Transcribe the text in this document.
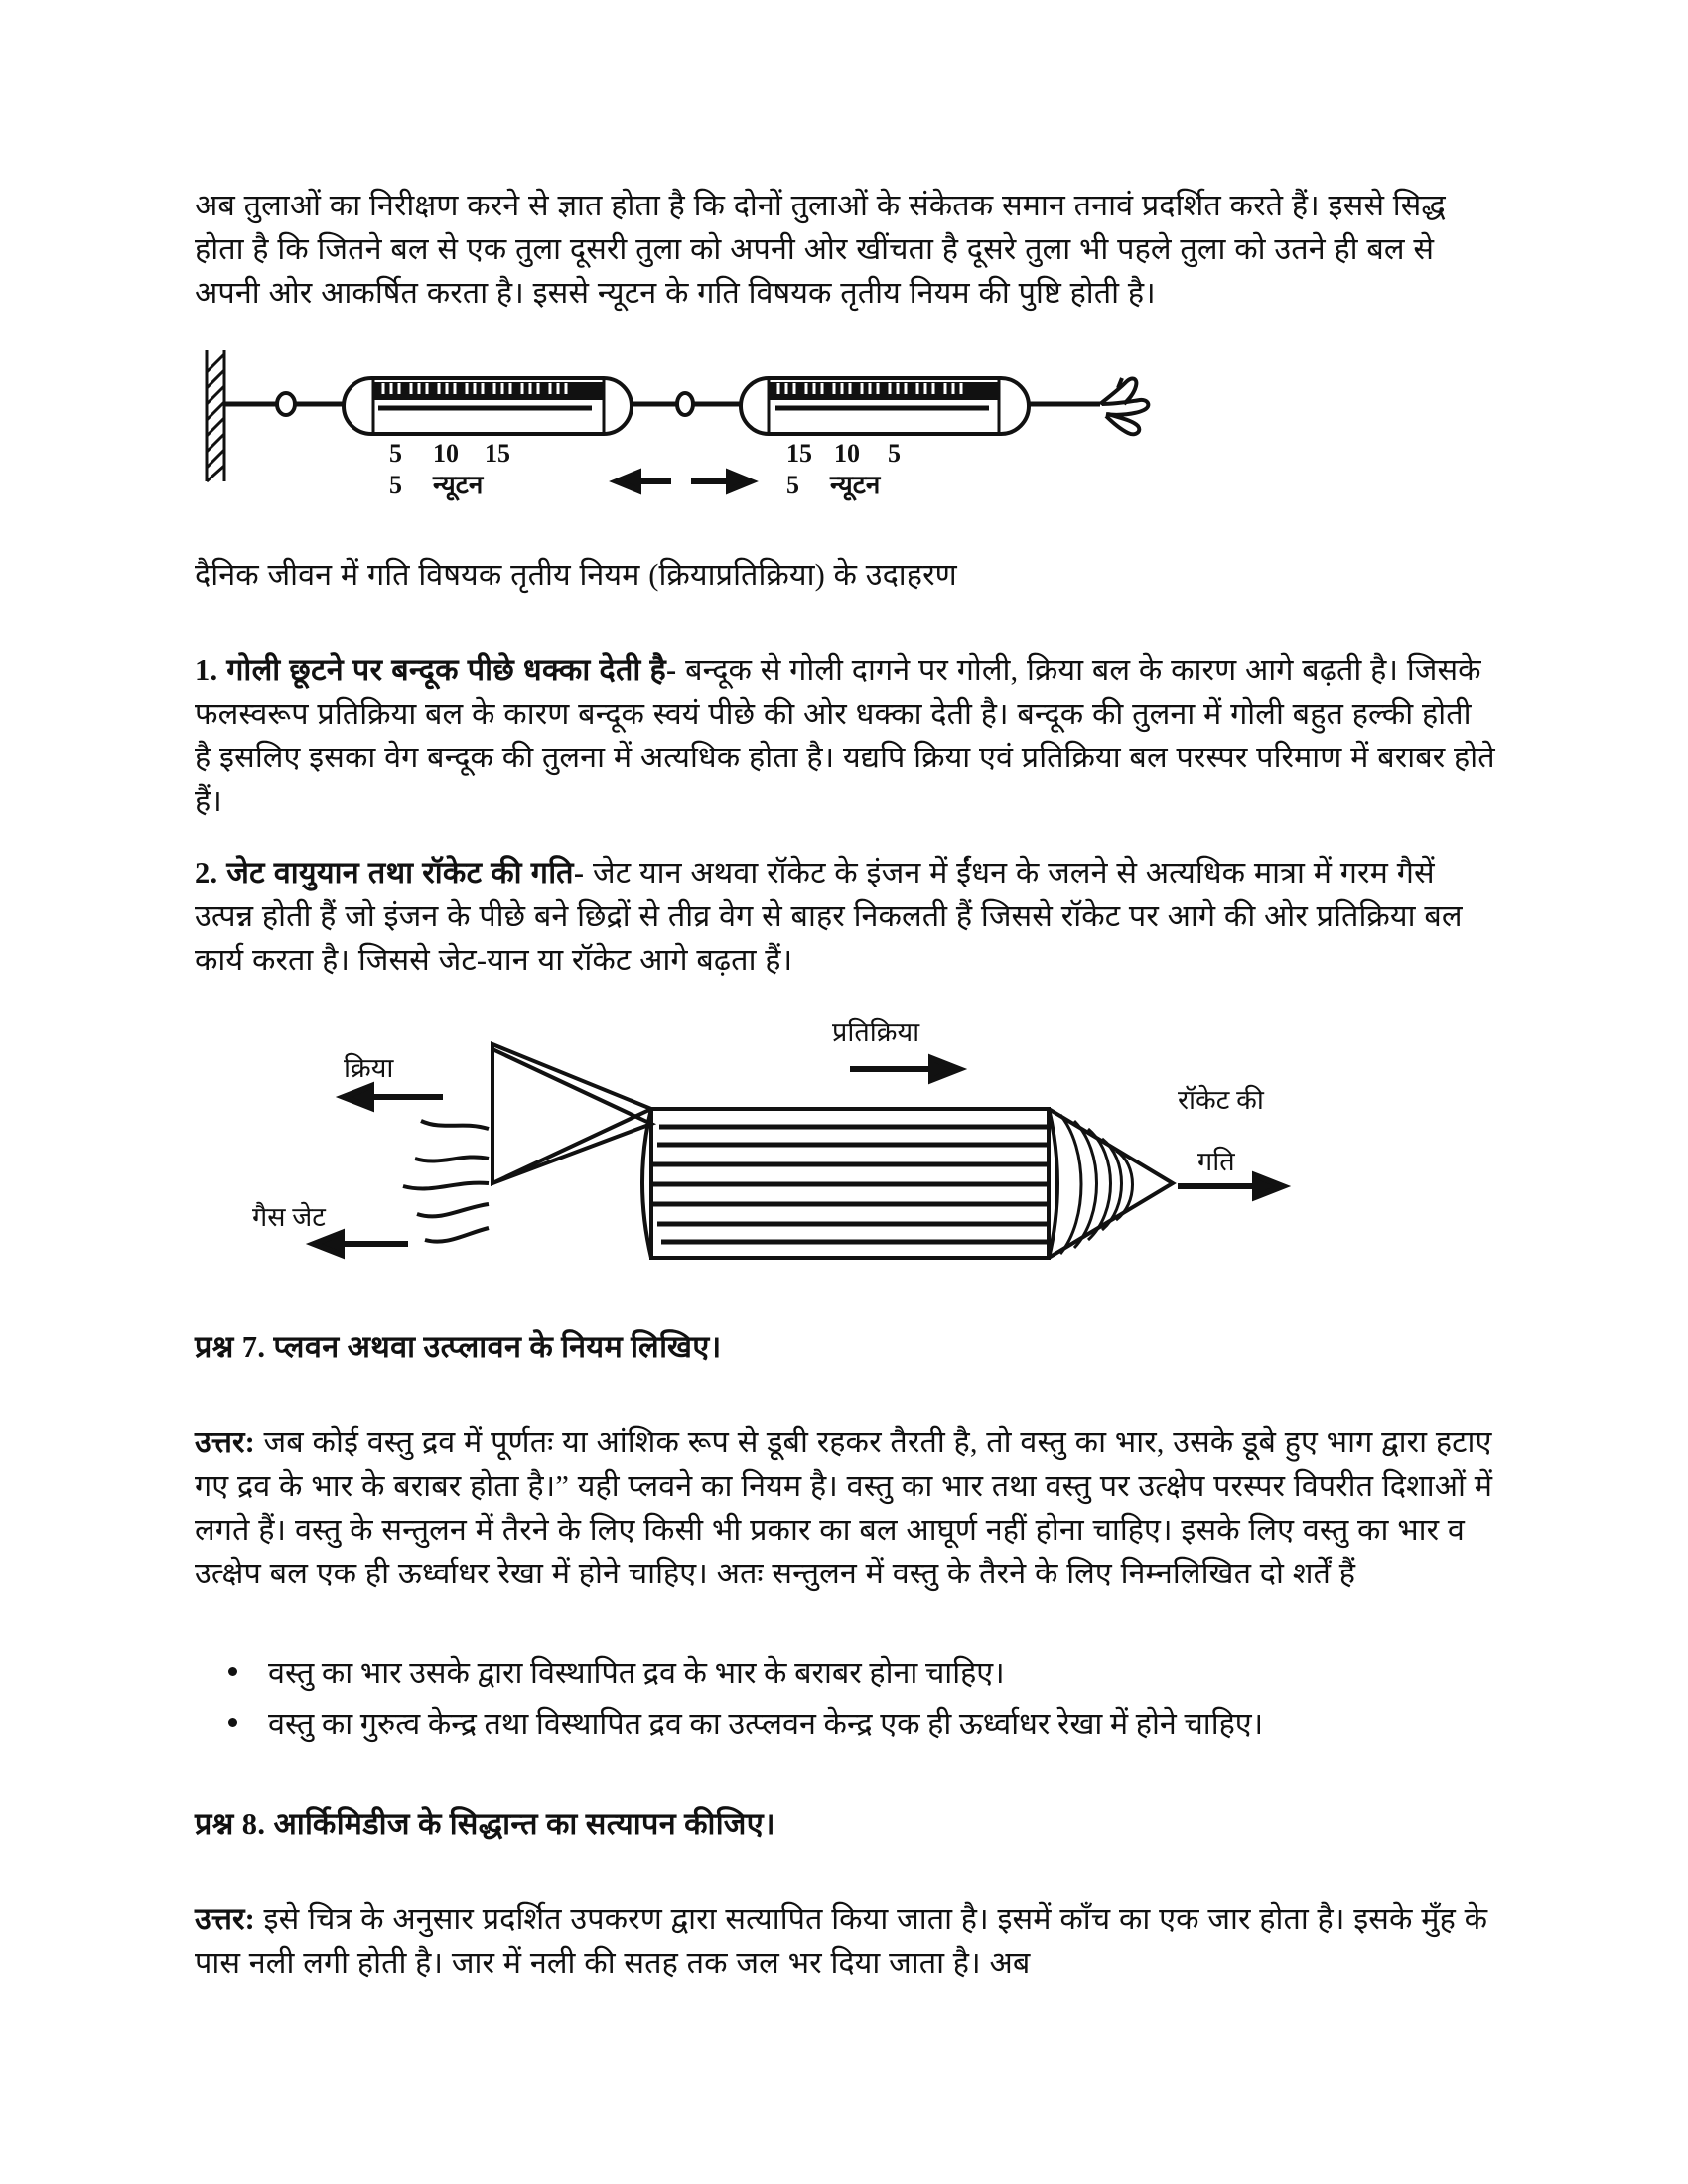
अब तुलाओं का निरीक्षण करने से ज्ञात होता है कि दोनों तुलाओं के संकेतक समान तनावं प्रदर्शित करते हैं। इससे सिद्ध होता है कि जितने बल से एक तुला दूसरी तुला को अपनी ओर खींचता है दूसरे तुला भी पहले तुला को उतने ही बल से अपनी ओर आकर्षित करता है। इससे न्यूटन के गति विषयक तृतीय नियम की पुष्टि होती है।

5 10 15
5 न्यूटन
15 10 5
5 न्यूटन

दैनिक जीवन में गति विषयक तृतीय नियम (क्रियाप्रतिक्रिया) के उदाहरण

1. गोली छूटने पर बन्दूक पीछे धक्का देती है- बन्दूक से गोली दागने पर गोली, क्रिया बल के कारण आगे बढ़ती है। जिसके फलस्वरूप प्रतिक्रिया बल के कारण बन्दूक स्वयं पीछे की ओर धक्का देती है। बन्दूक की तुलना में गोली बहुत हल्की होती है इसलिए इसका वेग बन्दूक की तुलना में अत्यधिक होता है। यद्यपि क्रिया एवं प्रतिक्रिया बल परस्पर परिमाण में बराबर होते हैं।

2. जेट वायुयान तथा रॉकेट की गति- जेट यान अथवा रॉकेट के इंजन में ईंधन के जलने से अत्यधिक मात्रा में गरम गैसें उत्पन्न होती हैं जो इंजन के पीछे बने छिद्रों से तीव्र वेग से बाहर निकलती हैं जिससे रॉकेट पर आगे की ओर प्रतिक्रिया बल कार्य करता है। जिससे जेट-यान या रॉकेट आगे बढ़ता हैं।

क्रिया
गैस जेट
प्रतिक्रिया
रॉकेट की
गति
प्रश्न 7. प्लवन अथवा उत्प्लावन के नियम लिखिए।

उत्तर: जब कोई वस्तु द्रव में पूर्णतः या आंशिक रूप से डूबी रहकर तैरती है, तो वस्तु का भार, उसके डूबे हुए भाग द्वारा हटाए गए द्रव के भार के बराबर होता है।” यही प्लवने का नियम है। वस्तु का भार तथा वस्तु पर उत्क्षेप परस्पर विपरीत दिशाओं में लगते हैं। वस्तु के सन्तुलन में तैरने के लिए किसी भी प्रकार का बल आघूर्ण नहीं होना चाहिए। इसके लिए वस्तु का भार व उत्क्षेप बल एक ही ऊर्ध्वाधर रेखा में होने चाहिए। अतः सन्तुलन में वस्तु के तैरने के लिए निम्नलिखित दो शर्तें हैं

वस्तु का भार उसके द्वारा विस्थापित द्रव के भार के बराबर होना चाहिए।
वस्तु का गुरुत्व केन्द्र तथा विस्थापित द्रव का उत्प्लवन केन्द्र एक ही ऊर्ध्वाधर रेखा में होने चाहिए।
प्रश्न 8. आर्किमिडीज के सिद्धान्त का सत्यापन कीजिए।

उत्तर: इसे चित्र के अनुसार प्रदर्शित उपकरण द्वारा सत्यापित किया जाता है। इसमें काँच का एक जार होता है। इसके मुँह के पास नली लगी होती है। जार में नली की सतह तक जल भर दिया जाता है। अब
